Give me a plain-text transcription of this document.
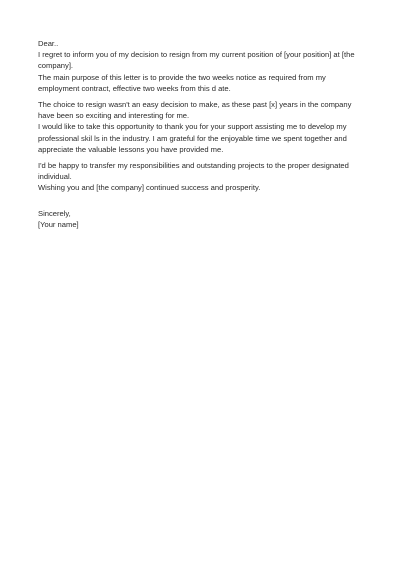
Dear..
I regret to inform you of my decision to resign from my current position of [your position] at [the
company].
The main purpose of this letter is to provide the two weeks notice as required from my
employment contract, effective two weeks from this d ate.
The choice to resign wasn't an easy decision to make, as these past [x] years in the company
have been so exciting and interesting for me.
I would like to take this opportunity to thank you for your support assisting me to develop my
professional skil ls in the industry. I am grateful for the enjoyable time we spent together and
appreciate the valuable lessons you have provided me.
I'd be happy to transfer my responsibilities and outstanding projects to the proper designated
individual.
Wishing you and [the company] continued success and prosperity.
Sincerely,
[Your name]
